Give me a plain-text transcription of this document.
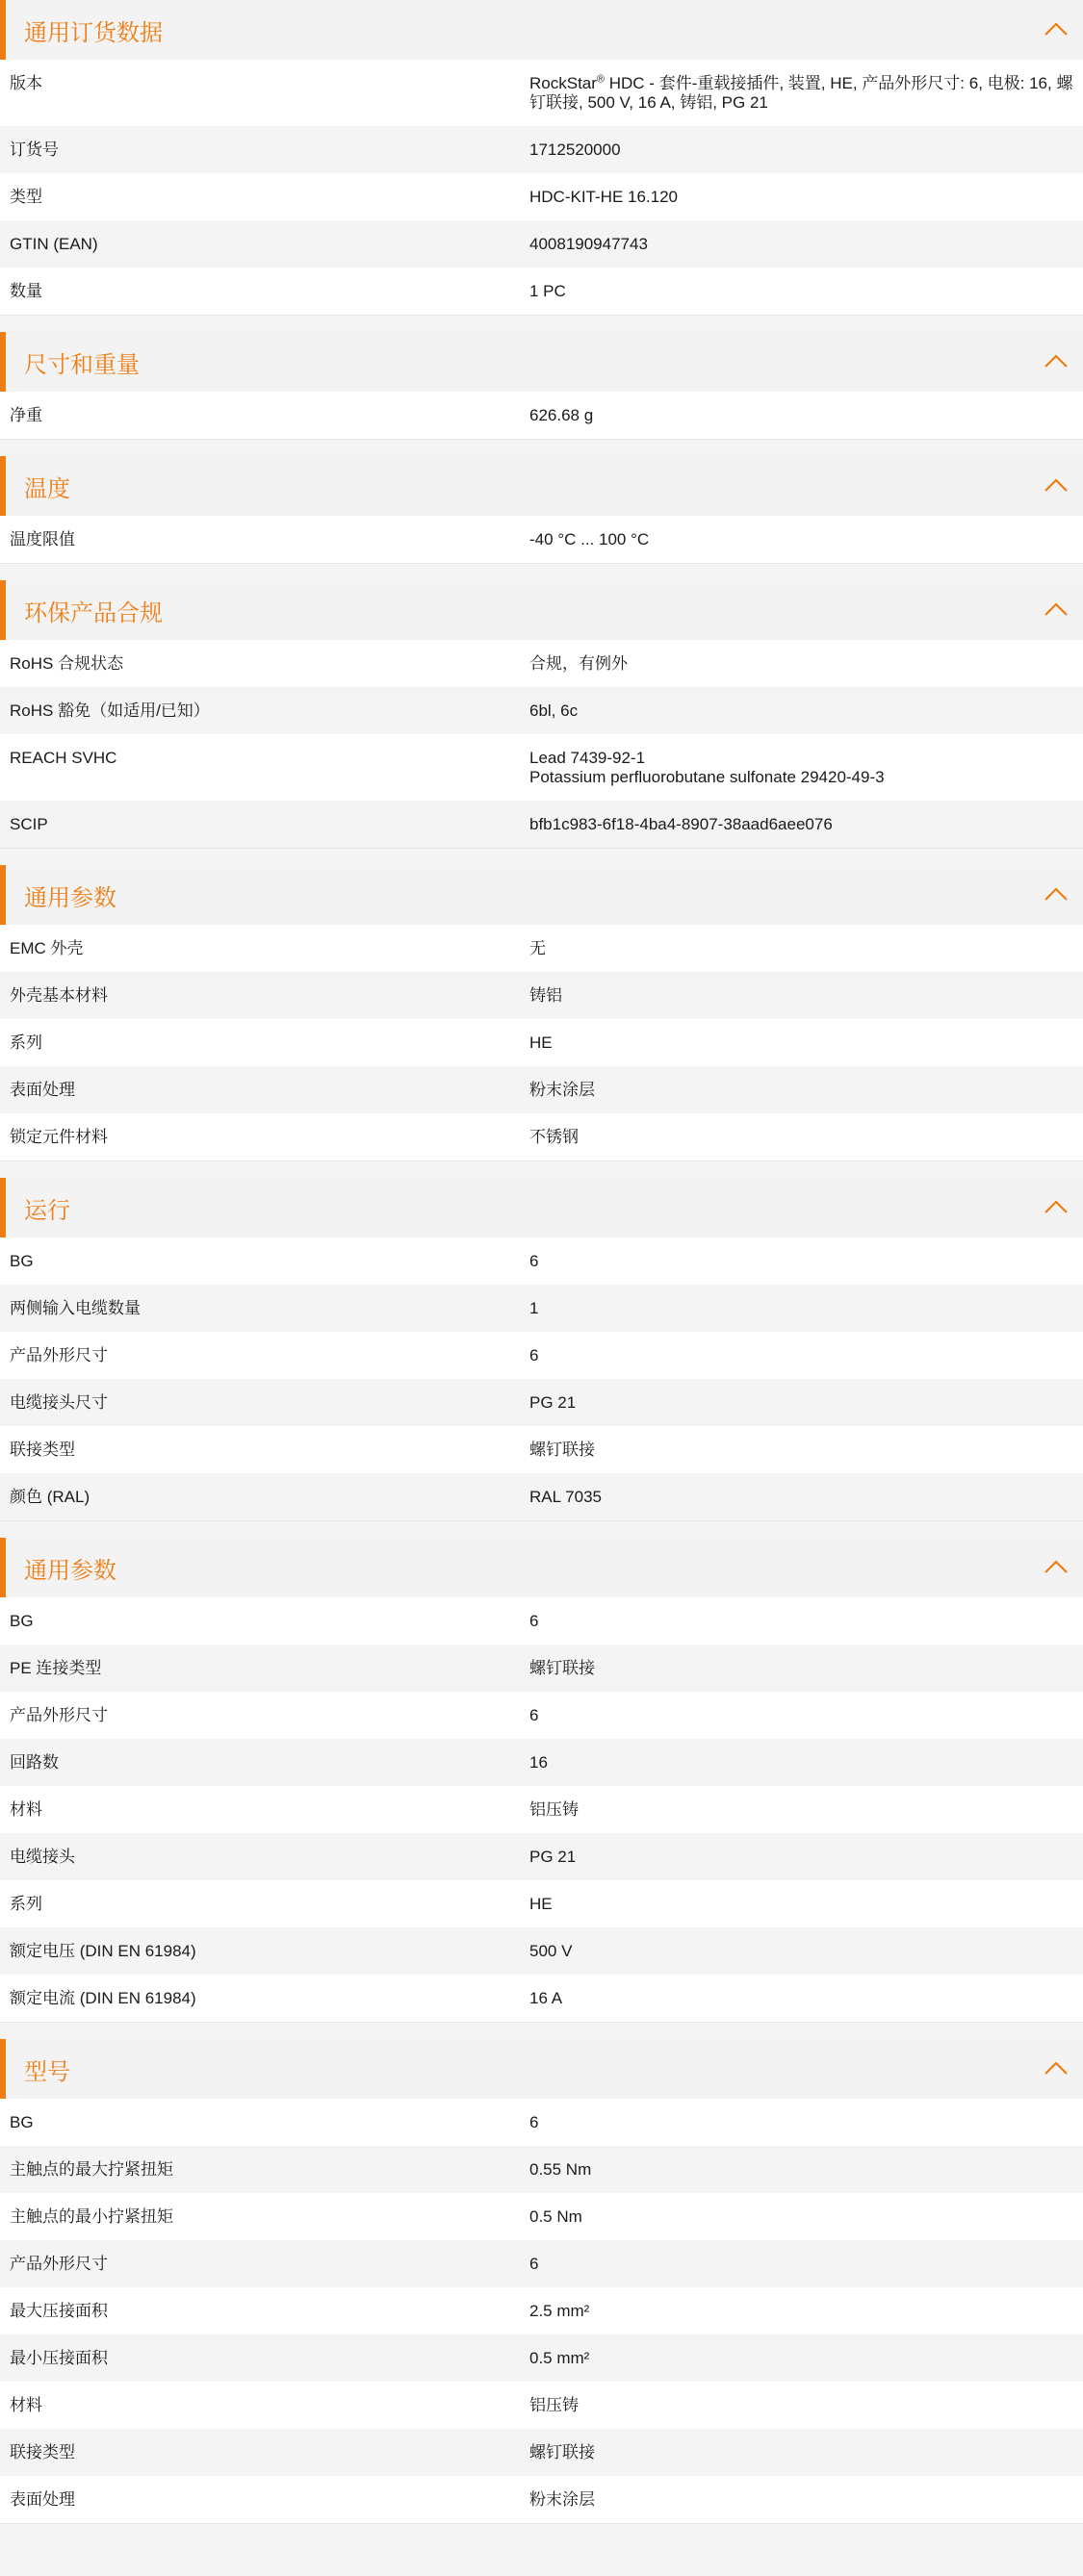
通用订货数据
版本	RockStar® HDC - 套件-重载接插件, 装置, HE, 产品外形尺寸: 6, 电极: 16, 螺钉联接, 500 V, 16 A, 铸铝, PG 21
订货号	1712520000
类型	HDC-KIT-HE 16.120
GTIN (EAN)	4008190947743
数量	1 PC
尺寸和重量
净重	626.68 g
温度
温度限值	-40 °C ... 100 °C
环保产品合规
RoHS 合规状态	合规，有例外
RoHS 豁免（如适用/已知）	6bl, 6c
REACH SVHC	Lead 7439-92-1
Potassium perfluorobutane sulfonate 29420-49-3
SCIP	bfb1c983-6f18-4ba4-8907-38aad6aee076
通用参数
EMC 外壳	无
外壳基本材料	铸铝
系列	HE
表面处理	粉末涂层
锁定元件材料	不锈钢
运行
BG	6
两侧输入电缆数量	1
产品外形尺寸	6
电缆接头尺寸	PG 21
联接类型	螺钉联接
颜色 (RAL)	RAL 7035
通用参数
BG	6
PE 连接类型	螺钉联接
产品外形尺寸	6
回路数	16
材料	铝压铸
电缆接头	PG 21
系列	HE
额定电压 (DIN EN 61984)	500 V
额定电流 (DIN EN 61984)	16 A
型号
BG	6
主触点的最大拧紧扭矩	0.55 Nm
主触点的最小拧紧扭矩	0.5 Nm
产品外形尺寸	6
最大压接面积	2.5 mm²
最小压接面积	0.5 mm²
材料	铝压铸
联接类型	螺钉联接
表面处理	粉末涂层
